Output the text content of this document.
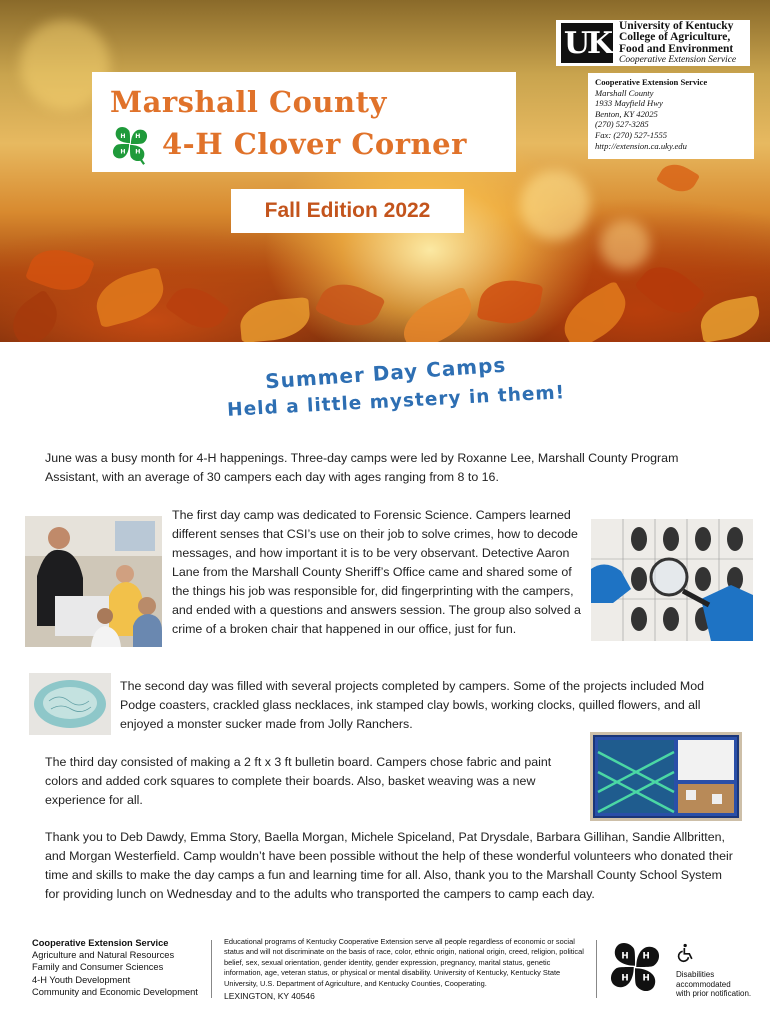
UK University of Kentucky
College of Agriculture,
Food and Environment
Cooperative Extension Service
Cooperative Extension Service
Marshall County
1933 Mayfield Hwy
Benton, KY 42025
(270) 527-3285
Fax: (270) 527-1555
http://extension.ca.uky.edu
Marshall County
H H
H
H 4-H Clover Corner
Fall Edition 2022
Summer Day Camps
Held a little mystery in them!

June was a busy month for 4-H happenings. Three-day camps were led by Roxanne Lee, Marshall County Program Assistant, with an average of 30 campers each day with ages ranging from 8 to 16.

The first day camp was dedicated to Forensic Science. Campers learned different senses that CSI’s use on their job to solve crimes, how to decode messages, and how important it is to be very observant. Detective Aaron Lane from the Marshall County Sheriff’s Office came and shared some of the things his job was responsible for, did fingerprinting with the campers, and ended with a questions and answers session. The group also solved a crime of a broken chair that happened in our office, just for fun.

The second day was filled with several projects completed by campers. Some of the projects included Mod Podge coasters, crackled glass necklaces, ink stamped clay bowls, working clocks, quilled flowers, and all enjoyed a monster sucker made from Jolly Ranchers.

The third day consisted of making a 2 ft x 3 ft bulletin board. Campers chose fabric and paint colors and added cork squares to complete their boards. Also, basket weaving was a new experience for all.

Thank you to Deb Dawdy, Emma Story, Baella Morgan, Michele Spiceland, Pat Drysdale, Barbara Gillihan, Sandie Allbritten, and Morgan Westerfield. Camp wouldn’t have been possible without the help of these wonderful volunteers who donated their time and skills to make the day camps a fun and learning time for all. Also, thank you to the Marshall County School System for providing lunch on Wednesday and to the adults who transported the campers to camp each day.

Cooperative Extension Service
Agriculture and Natural Resources
Family and Consumer Sciences
4-H Youth Development
Community and Economic Development
Educational programs of Kentucky Cooperative Extension serve all people regardless of economic or social status and will not discriminate on the basis of race, color, ethnic origin, national origin, creed, religion, political belief, sex, sexual orientation, gender identity, gender expression, pregnancy, marital status, genetic information, age, veteran status, or physical or mental disability. University of Kentucky, Kentucky State University, U.S. Department of Agriculture, and Kentucky Counties, Cooperating.
LEXINGTON, KY 40546
H H
H
H	Disabilities
accommodated
with prior notification.
